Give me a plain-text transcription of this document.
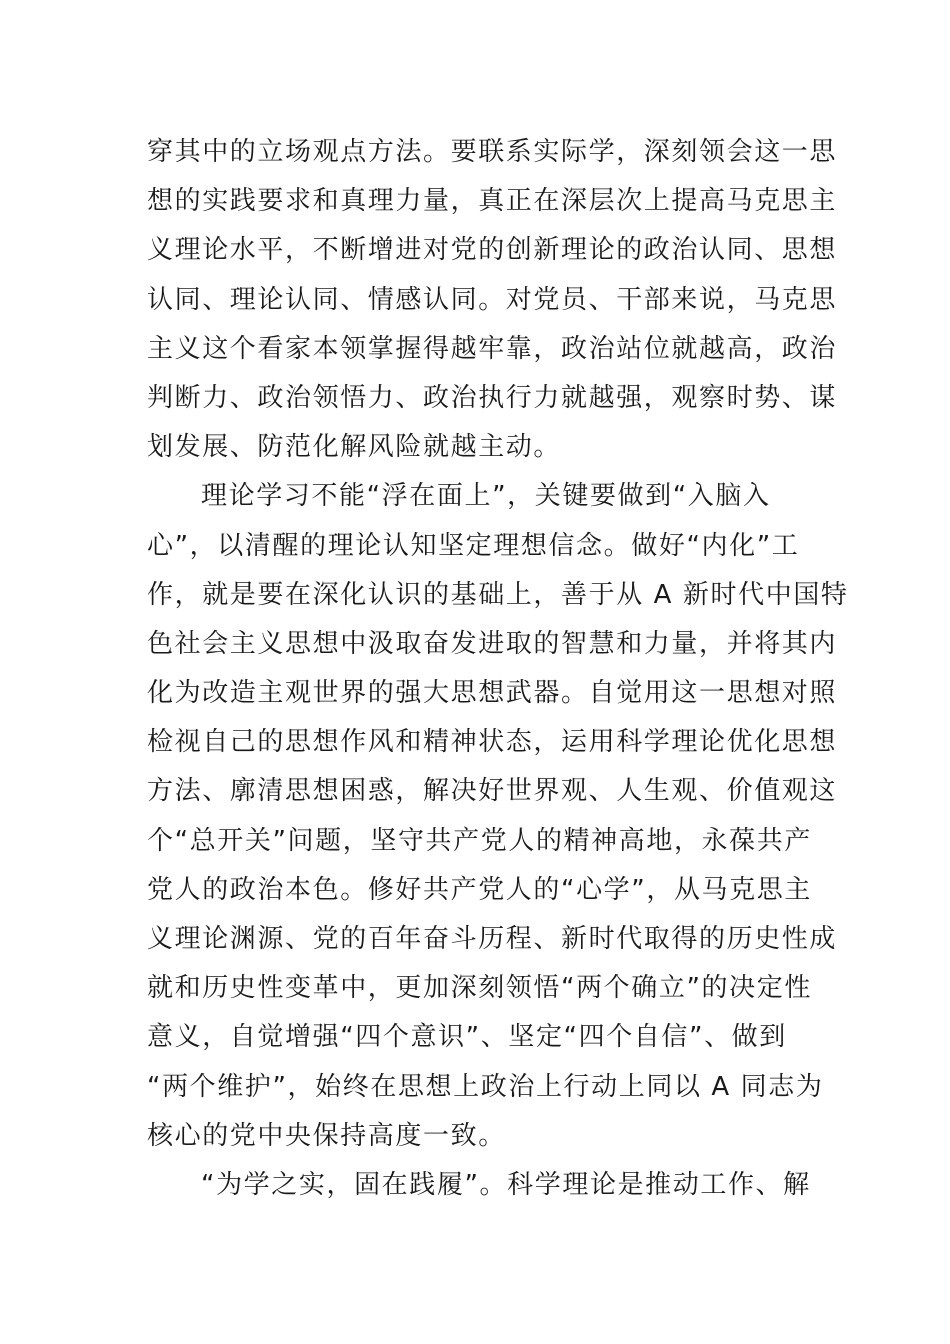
穿其中的立场观点方法。要联系实际学，深刻领会这一思
想的实践要求和真理力量，真正在深层次上提高马克思主
义理论水平，不断增进对党的创新理论的政治认同、思想
认同、理论认同、情感认同。对党员、干部来说，马克思
主义这个看家本领掌握得越牢靠，政治站位就越高，政治
判断力、政治领悟力、政治执行力就越强，观察时势、谋
划发展、防范化解风险就越主动。
理论学习不能“浮在面上”，关键要做到“入脑入
心”，以清醒的理论认知坚定理想信念。做好“内化”工
作，就是要在深化认识的基础上，善于从 A 新时代中国特
色社会主义思想中汲取奋发进取的智慧和力量，并将其内
化为改造主观世界的强大思想武器。自觉用这一思想对照
检视自己的思想作风和精神状态，运用科学理论优化思想
方法、廓清思想困惑，解决好世界观、人生观、价值观这
个“总开关”问题，坚守共产党人的精神高地，永葆共产
党人的政治本色。修好共产党人的“心学”，从马克思主
义理论渊源、党的百年奋斗历程、新时代取得的历史性成
就和历史性变革中，更加深刻领悟“两个确立”的决定性
意义，自觉增强“四个意识”、坚定“四个自信”、做到
“两个维护”，始终在思想上政治上行动上同以 A 同志为
核心的党中央保持高度一致。
“为学之实，固在践履”。科学理论是推动工作、解
